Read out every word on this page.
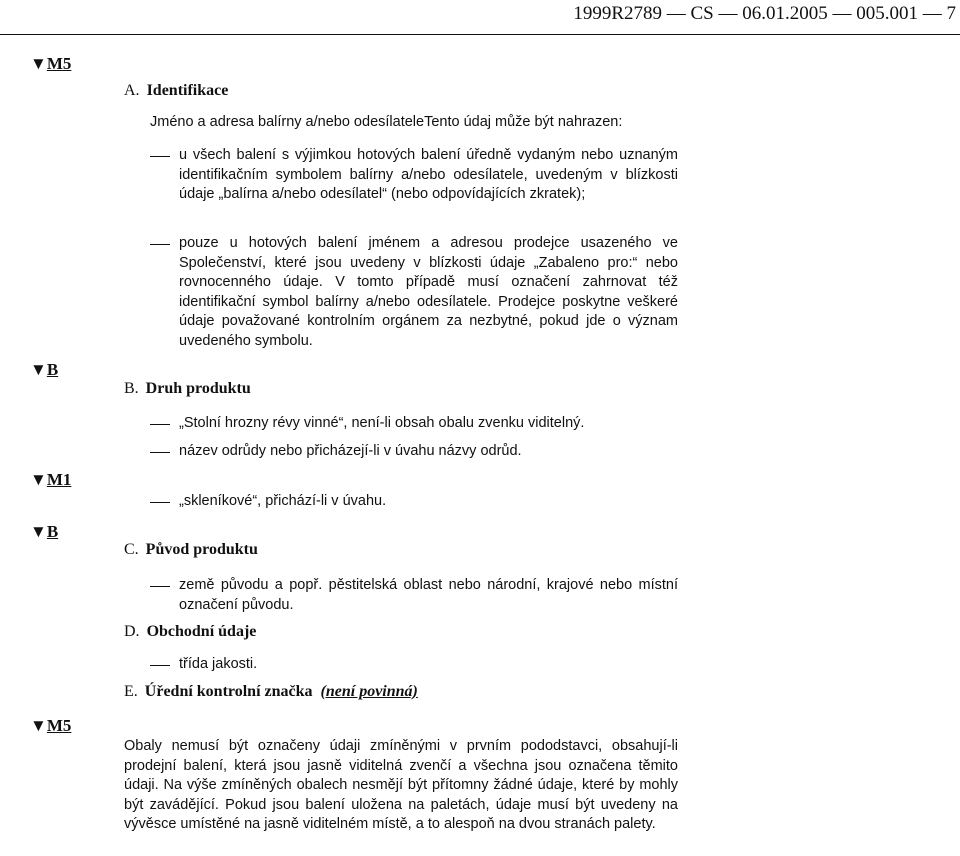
1999R2789 — CS — 06.01.2005 — 005.001 — 7
▼M5
▼B
▼M1
▼B
▼M5
A. Identifikace
Jméno a adresa balírny a/nebo odesílateleTento údaj může být nahrazen:
u všech balení s výjimkou hotových balení úředně vydaným nebo uznaným identifikačním symbolem balírny a/nebo odesílatele, uvedeným v blízkosti údaje „balírna a/nebo odesílatel“ (nebo odpovídajících zkratek);
pouze u hotových balení jménem a adresou prodejce usazeného ve Společenství, které jsou uvedeny v blízkosti údaje „Zabaleno pro:“ nebo rovnocenného údaje. V tomto případě musí označení zahrnovat též identifikační symbol balírny a/nebo odesílatele. Prodejce poskytne veškeré údaje považované kontrolním orgánem za nezbytné, pokud jde o význam uvedeného symbolu.
B. Druh produktu
„Stolní hrozny révy vinné“, není-li obsah obalu zvenku viditelný.
název odrůdy nebo přicházejí-li v úvahu názvy odrůd.
„skleníkové“, přichází-li v úvahu.
C. Původ produktu
země původu a popř. pěstitelská oblast nebo národní, krajové nebo místní označení původu.
D. Obchodní údaje
třída jakosti.
E. Úřední kontrolní značka (není povinná)
Obaly nemusí být označeny údaji zmíněnými v prvním pododstavci, obsahují-li prodejní balení, která jsou jasně viditelná zvenčí a všechna jsou označena těmito údaji. Na výše zmíněných obalech nesmějí být přítomny žádné údaje, které by mohly být zavádějící. Pokud jsou balení uložena na paletách, údaje musí být uvedeny na vývěsce umístěné na jasně viditelném místě, a to alespoň na dvou stranách palety.
